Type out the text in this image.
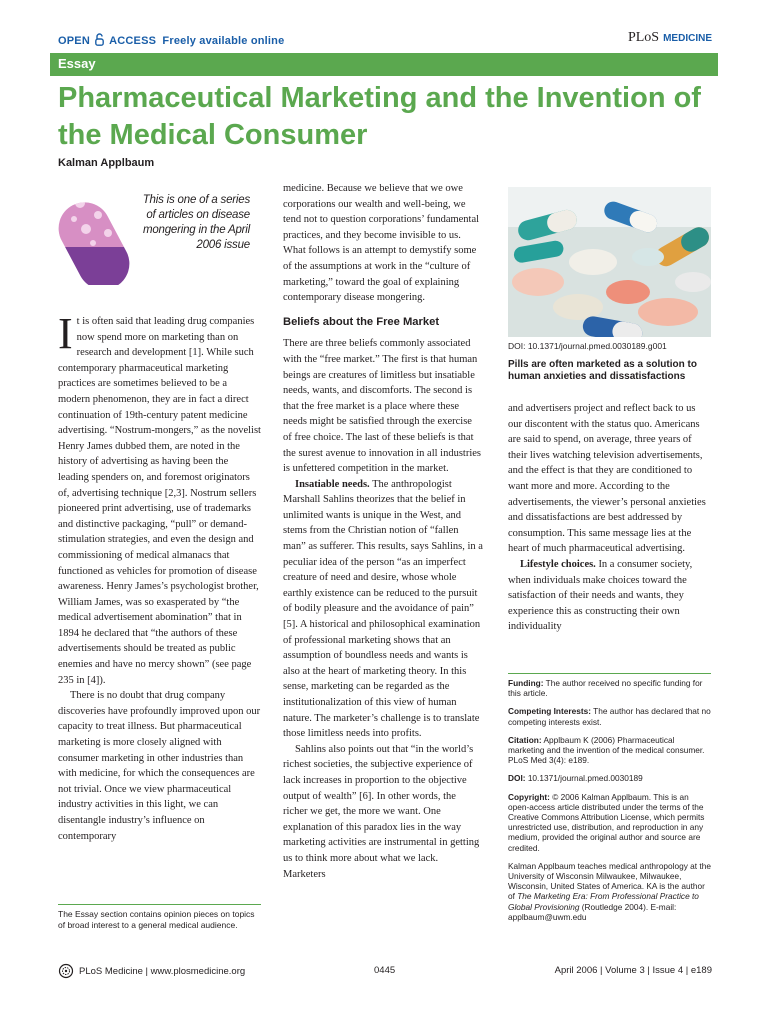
OPEN ACCESS Freely available online	PLoS MEDICINE
Essay
Pharmaceutical Marketing and the Invention of the Medical Consumer
Kalman Applbaum
This is one of a series of articles on disease mongering in the April 2006 issue

It is often said that leading drug companies now spend more on marketing than on research and development [1]. While such contemporary pharmaceutical marketing practices are sometimes believed to be a modern phenomenon, they are in fact a direct continuation of 19th-century patent medicine advertising. “Nostrum-mongers,” as the novelist Henry James dubbed them, are noted in the history of advertising as having been the leading spenders on, and foremost originators of, advertising technique [2,3]. Nostrum sellers pioneered print advertising, use of trademarks and distinctive packaging, “pull” or demand-stimulation strategies, and even the design and commissioning of medical almanacs that functioned as vehicles for promotion of disease awareness. Henry James’s psychologist brother, William James, was so exasperated by “the medical advertisement abomination” that in 1894 he declared that “the authors of these advertisements should be treated as public enemies and have no mercy shown” (see page 235 in [4]).

There is no doubt that drug company discoveries have profoundly improved upon our capacity to treat illness. But pharmaceutical marketing is more closely aligned with consumer marketing in other industries than with medicine, for which the consequences are not trivial. Once we view pharmaceutical industry activities in this light, we can disentangle industry’s influence on contemporary

The Essay section contains opinion pieces on topics of broad interest to a general medical audience.

medicine. Because we believe that we owe corporations our wealth and well-being, we tend not to question corporations’ fundamental practices, and they become invisible to us. What follows is an attempt to demystify some of the assumptions at work in the “culture of marketing,” toward the goal of explaining contemporary disease mongering.

Beliefs about the Free Market

There are three beliefs commonly associated with the “free market.” The first is that human beings are creatures of limitless but insatiable needs, wants, and discomforts. The second is that the free market is a place where these needs might be satisfied through the exercise of free choice. The last of these beliefs is that the surest avenue to innovation in all industries is unfettered competition in the market.

Insatiable needs. The anthropologist Marshall Sahlins theorizes that the belief in unlimited wants is unique in the West, and stems from the Christian notion of “fallen man” as sufferer. This results, says Sahlins, in a peculiar idea of the person “as an imperfect creature of need and desire, whose whole earthly existence can be reduced to the pursuit of bodily pleasure and the avoidance of pain” [5]. A historical and philosophical examination of professional marketing shows that an assumption of boundless needs and wants is also at the heart of marketing theory. In this sense, marketing can be regarded as the institutionalization of this view of human nature. The marketer’s challenge is to translate those limitless needs into profits.

Sahlins also points out that “in the world’s richest societies, the subjective experience of lack increases in proportion to the objective output of wealth” [6]. In other words, the richer we get, the more we want. One explanation of this paradox lies in the way marketing activities are instrumental in getting us to think more about what we lack. Marketers

DOI: 10.1371/journal.pmed.0030189.g001
Pills are often marketed as a solution to human anxieties and dissatisfactions

and advertisers project and reflect back to us our discontent with the status quo. Americans are said to spend, on average, three years of their lives watching television advertisements, and the effect is that they are conditioned to want more and more. According to the advertisements, the viewer’s personal anxieties and dissatisfactions are best addressed by consumption. This same message lies at the heart of much pharmaceutical advertising.

Lifestyle choices. In a consumer society, when individuals make choices toward the satisfaction of their needs and wants, they experience this as constructing their own individuality

Funding: The author received no specific funding for this article.

Competing Interests: The author has declared that no competing interests exist.

Citation: Applbaum K (2006) Pharmaceutical marketing and the invention of the medical consumer. PLoS Med 3(4): e189.

DOI: 10.1371/journal.pmed.0030189

Copyright: © 2006 Kalman Applbaum. This is an open-access article distributed under the terms of the Creative Commons Attribution License, which permits unrestricted use, distribution, and reproduction in any medium, provided the original author and source are credited.

Kalman Applbaum teaches medical anthropology at the University of Wisconsin Milwaukee, Milwaukee, Wisconsin, United States of America. KA is the author of The Marketing Era: From Professional Practice to Global Provisioning (Routledge 2004). E-mail: applbaum@uwm.edu

PLoS Medicine | www.plosmedicine.org	0445	April 2006 | Volume 3 | Issue 4 | e189
